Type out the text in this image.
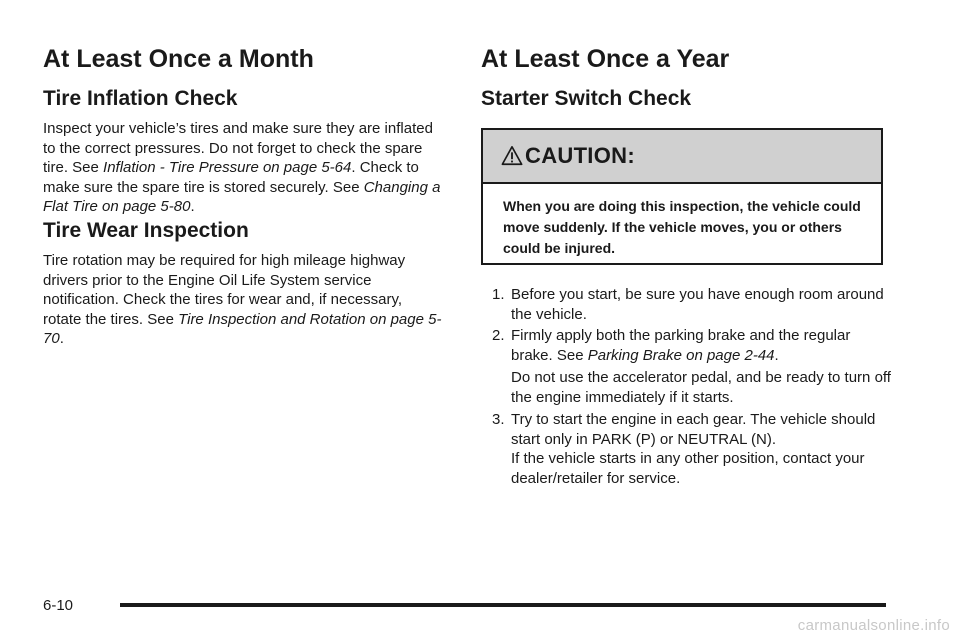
At Least Once a Month
Tire Inflation Check

Inspect your vehicle’s tires and make sure they are inflated to the correct pressures. Do not forget to check the spare tire. See Inflation - Tire Pressure on page 5-64. Check to make sure the spare tire is stored securely. See Changing a Flat Tire on page 5-80.

Tire Wear Inspection

Tire rotation may be required for high mileage highway drivers prior to the Engine Oil Life System service notification. Check the tires for wear and, if necessary, rotate the tires. See Tire Inspection and Rotation on page 5-70.

At Least Once a Year
Starter Switch Check
CAUTION:
When you are doing this inspection, the vehicle could move suddenly. If the vehicle moves, you or others could be injured.
1. Before you start, be sure you have enough room around the vehicle.
2. Firmly apply both the parking brake and the regular brake. See Parking Brake on page 2-44.
Do not use the accelerator pedal, and be ready to turn off the engine immediately if it starts.
3. Try to start the engine in each gear. The vehicle should start only in PARK (P) or NEUTRAL (N).
If the vehicle starts in any other position, contact your dealer/retailer for service.
6-10
carmanualsonline.info
